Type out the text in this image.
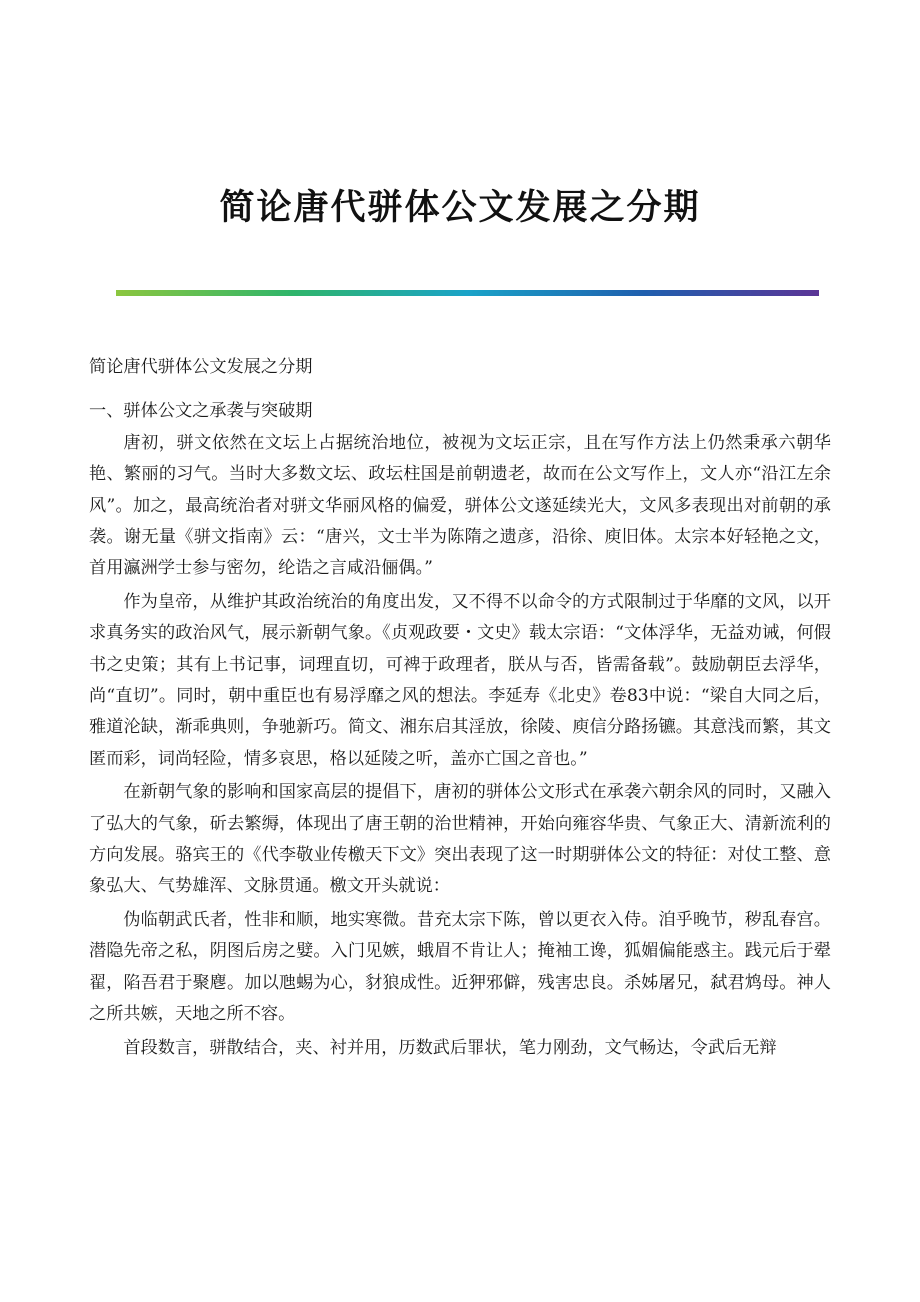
简论唐代骈体公文发展之分期

简论唐代骈体公文发展之分期

一、骈体公文之承袭与突破期

唐初，骈文依然在文坛上占据统治地位，被视为文坛正宗，且在写作方法上仍然秉承六朝华艳、繁丽的习气。当时大多数文坛、政坛柱国是前朝遗老，故而在公文写作上，文人亦“沿江左余风”。加之，最高统治者对骈文华丽风格的偏爱，骈体公文遂延续光大，文风多表现出对前朝的承袭。谢无量《骈文指南》云：“唐兴，文士半为陈隋之遗彦，沿徐、庾旧体。太宗本好轻艳之文，首用瀛洲学士参与密勿，纶诰之言咸沿俪偶。”

作为皇帝，从维护其政治统治的角度出发，又不得不以命令的方式限制过于华靡的文风，以开求真务实的政治风气，展示新朝气象。《贞观政要・文史》载太宗语：“文体浮华，无益劝诫，何假书之史策；其有上书记事，词理直切，可裨于政理者，朕从与否，皆需备载”。鼓励朝臣去浮华，尚“直切”。同时，朝中重臣也有易浮靡之风的想法。李延寿《北史》卷83中说：“梁自大同之后，雅道沦缺，渐乖典则，争驰新巧。简文、湘东启其淫放，徐陵、庾信分路扬镳。其意浅而繁，其文匿而彩，词尚轻险，情多哀思，格以延陵之听，盖亦亡国之音也。”

在新朝气象的影响和国家高层的提倡下，唐初的骈体公文形式在承袭六朝余风的同时，又融入了弘大的气象，斫去繁缛，体现出了唐王朝的治世精神，开始向雍容华贵、气象正大、清新流利的方向发展。骆宾王的《代李敬业传檄天下文》突出表现了这一时期骈体公文的特征：对仗工整、意象弘大、气势雄浑、文脉贯通。檄文开头就说：

伪临朝武氏者，性非和顺，地实寒微。昔充太宗下陈，曾以更衣入侍。洎乎晚节，秽乱春宫。潜隐先帝之私，阴图后房之嬖。入门见嫉，蛾眉不肯让人；掩袖工谗，狐媚偏能惑主。践元后于翚翟，陷吾君于聚麀。加以虺蜴为心，豺狼成性。近狎邪僻，残害忠良。杀姊屠兄，弑君鸩母。神人之所共嫉，天地之所不容。

首段数言，骈散结合，夹、衬并用，历数武后罪状，笔力刚劲，文气畅达，令武后无辩
